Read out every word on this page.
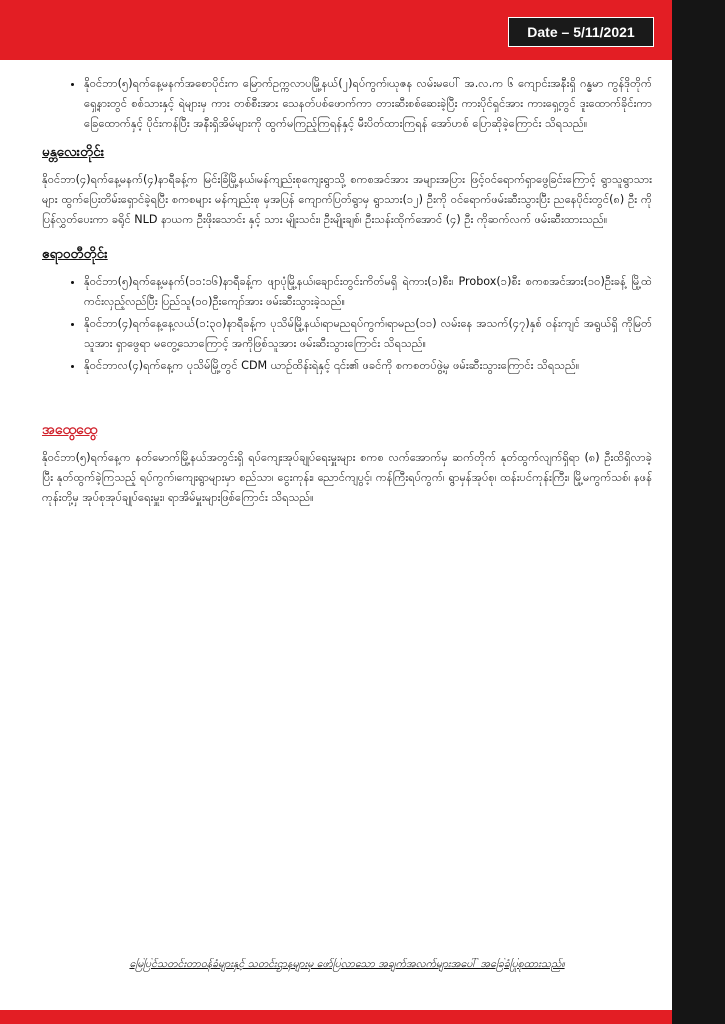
Date – 5/11/2021
• နိုဝင်ဘာ(၅)ရက်နေ့မနက်အစောပိုင်းက မြောက်ဥက္ကလာပမြို့နယ်(၂)ရပ်ကွက်၊ယုဇန လမ်းမပေါ် အ.လ.က ၆ ကျောင်းအနီးရှိ ဂန္ဓမာ ကွန်ဒိုတိုက်ရှေ့နားတွင် စစ်သားနှင့် ရဲများမှ ကား တစ်စီးအား သေနတ်ပစ်ဖောက်ကာ တားဆီးစစ်ဆေးခဲ့ပြီး ကားပိုင်ရှင်အား ကားရှေ့တွင် ဒူးထောက်ခိုင်းကာ ခြေထောက်နှင့် ပိုင်းကန်ပြီး အနီးရှိအိမ်များကို ထွက်မကြည့်ကြရန်နှင့် မီးပိတ်ထားကြရန် အော်ဟစ် ပြောဆိုခဲ့ကြောင်း သိရသည်။
မန္တလေးတိုင်း

နိုဝင်ဘာ(၄)ရက်နေ့မနက်(၄)နာရီခန့်က မြင်းခြံမြို့နယ်၊မန်ကျည်းစုကျေးရွာသို့ စကစအင်အား အများအပြား ဖြင့်ဝင်ရောက်ရှာဖွေခြင်းကြောင့် ရွာသူရွာသားများ ထွက်ပြေးတိမ်းရှောင်ခဲ့ရပြီး စကစများ မန်ကျည်းစု မှအပြန် ကျောက်ပြတ်ရွာမှ ရွာသား(၁၂) ဦးကို ဝင်ရောက်ဖမ်းဆီးသွားပြီး ညနေပိုင်းတွင်(၈) ဦး ကို ပြန်လွှတ်ပေးကာ ခရိုင် NLD နာယက ဦးဖိုးသောင်း နှင့် သား မျိုးသင်း၊ ဦးမျိုးချစ်၊ ဦးသန်းထိုက်အောင် (၄) ဦး ကိုဆက်လက် ဖမ်းဆီးထားသည်။

ဧရာဝတီတိုင်း
• နိုဝင်ဘာ(၅)ရက်နေ့မနက်(၁၁:၁၆)နာရီခန့်က ဖျာပုံမြို့နယ်၊ချောင်းတွင်းကိတ်မရှိ ရဲကား(၁)စီး၊ Probox(၁)စီး စကစအင်အား(၁၀)ဦးခန့် မြို့ထဲကင်းလှည့်လည်ပြီး ပြည်သူ(၁၀)ဦးကျော်အား ဖမ်းဆီးသွားခဲ့သည်။
• နိုဝင်ဘာ(၄)ရက်နေ့နေ့လယ်(၁:၃၀)နာရီခန့်က ပုသိမ်မြို့နယ်၊ရာမညရပ်ကွက်၊ရာမည(၁၁) လမ်းနေ အသက်(၄၇)နှစ် ဝန်းကျင် အရွယ်ရှိ ကိုမြတ်သူအား ရှာဖွေရာ မတွေ့သောကြောင့် အကိုဖြစ်သူအား ဖမ်းဆီးသွားကြောင်း သိရသည်။
• နိုဝင်ဘာလ(၄)ရက်နေ့က ပုသိမ်မြို့တွင် CDM ယာဉ်ထိန်းရဲနှင့် ၎င်း၏ ဖခင်ကို စကစတပ်ဖွဲ့မှ ဖမ်းဆီးသွားကြောင်း သိရသည်။
အထွေထွေ

နိုဝင်ဘာ(၅)ရက်နေ့က နတ်မောက်မြို့နယ်အတွင်းရှိ ရပ်ကျေးအုပ်ချုပ်ရေးမှူးများ စကစ လက်အောက်မှ ဆက်တိုက် နုတ်ထွက်လျက်ရှိရာ (၈) ဦးထိရှိလာခဲ့ပြီး နုတ်ထွက်ခဲ့ကြသည့် ရပ်ကွက်၊ကျေးရွာများမှာ စည်သာ၊ ငွေးကုန်း၊ ညောင်ကျပွင့်၊ ကန်ကြီးရပ်ကွက်၊ ရွာမှန်အုပ်စု၊ ထန်းပင်ကုန်းကြီး၊ မြို့မကွက်သစ်၊ နဖန်ကုန်းတို့မှ အုပ်စုအုပ်ချုပ်ရေးမှူး၊ ရာအိမ်မှူးများဖြစ်ကြောင်း သိရသည်။

မြေပြင်သတင်းတာဝန်ခံများနှင့် သတင်းဌာနများမှ ဖော်ပြလာသော အချက်အလက်များအပေါ် အခြေခံပြုစုထားသည်။
